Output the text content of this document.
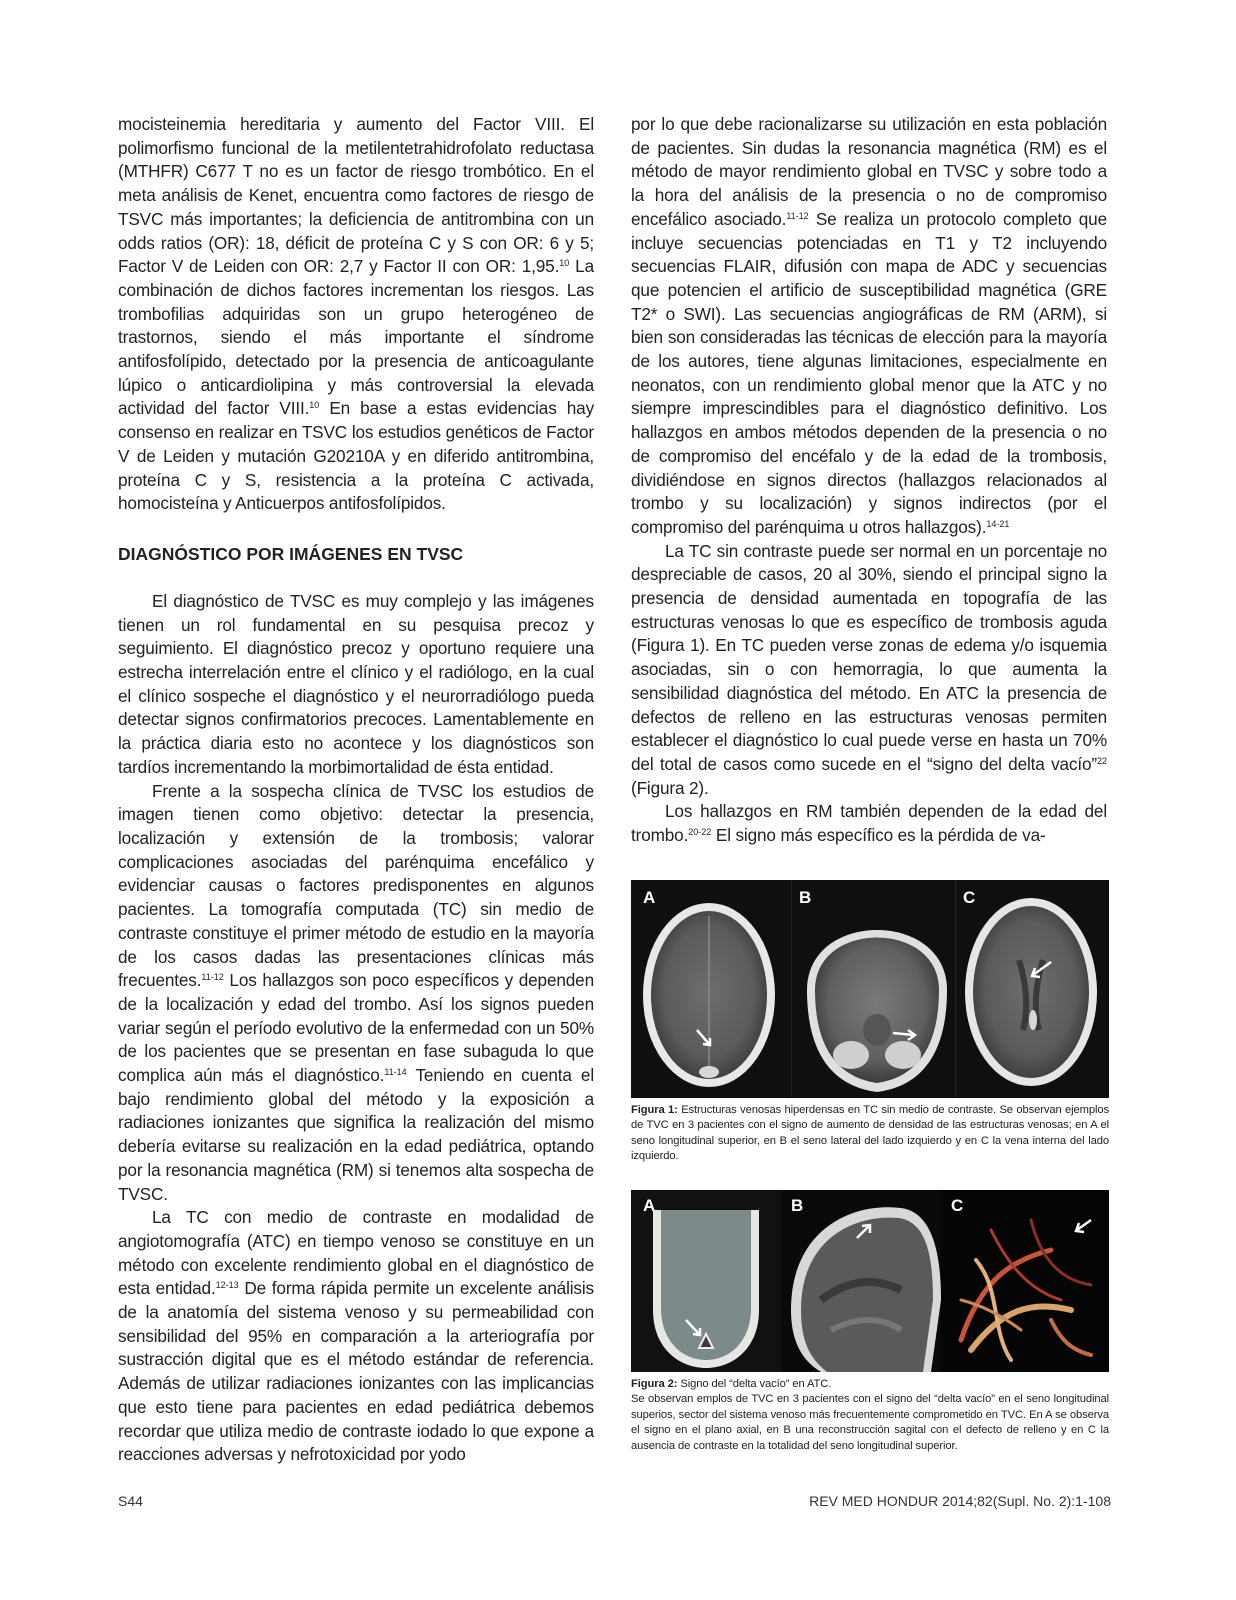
mocisteinemia hereditaria y aumento del Factor VIII. El polimorfismo funcional de la metilentetrahidrofolato reductasa (MTHFR) C677 T no es un factor de riesgo trombótico. En el meta análisis de Kenet, encuentra como factores de riesgo de TSVC más importantes; la deficiencia de antitrombina con un odds ratios (OR): 18, déficit de proteína C y S con OR: 6 y 5; Factor V de Leiden con OR: 2,7 y Factor II con OR: 1,95.10 La combinación de dichos factores incrementan los riesgos. Las trombofilias adquiridas son un grupo heterogéneo de trastornos, siendo el más importante el síndrome antifosfolípido, detectado por la presencia de anticoagulante lúpico o anticardiolipina y más controversial la elevada actividad del factor VIII.$^{10}$ En base a estas evidencias hay consenso en realizar en TSVC los estudios genéticos de Factor V de Leiden y mutación G20210A y en diferido antitrombina, proteína C y S, resistencia a la proteína C activada, homocisteína y Anticuerpos antifosfolípidos.

DIAGNÓSTICO POR IMÁGENES EN TVSC

El diagnóstico de TVSC es muy complejo y las imágenes tienen un rol fundamental en su pesquisa precoz y seguimiento. El diagnóstico precoz y oportuno requiere una estrecha interrelación entre el clínico y el radiólogo, en la cual el clínico sospeche el diagnóstico y el neurorradiólogo pueda detectar signos confirmatorios precoces. Lamentablemente en la práctica diaria esto no acontece y los diagnósticos son tardíos incrementando la morbimortalidad de ésta entidad.

Frente a la sospecha clínica de TVSC los estudios de imagen tienen como objetivo: detectar la presencia, localización y extensión de la trombosis; valorar complicaciones asociadas del parénquima encefálico y evidenciar causas o factores predisponentes en algunos pacientes. La tomografía computada (TC) sin medio de contraste constituye el primer método de estudio en la mayoría de los casos dadas las presentaciones clínicas más frecuentes.$^{11-12}$ Los hallazgos son poco específicos y dependen de la localización y edad del trombo. Así los signos pueden variar según el período evolutivo de la enfermedad con un 50% de los pacientes que se presentan en fase subaguda lo que complica aún más el diagnóstico.$^{11-14}$ Teniendo en cuenta el bajo rendimiento global del método y la exposición a radiaciones ionizantes que significa la realización del mismo debería evitarse su realización en la edad pediátrica, optando por la resonancia magnética (RM) si tenemos alta sospecha de TVSC.

La TC con medio de contraste en modalidad de angiotomografía (ATC) en tiempo venoso se constituye en un método con excelente rendimiento global en el diagnóstico de esta entidad.$^{12-13}$ De forma rápida permite un excelente análisis de la anatomía del sistema venoso y su permeabilidad con sensibilidad del 95% en comparación a la arteriografía por sustracción digital que es el método estándar de referencia. Además de utilizar radiaciones ionizantes con las implicancias que esto tiene para pacientes en edad pediátrica debemos recordar que utiliza medio de contraste iodado lo que expone a reacciones adversas y nefrotoxicidad por yodo

por lo que debe racionalizarse su utilización en esta población de pacientes. Sin dudas la resonancia magnética (RM) es el método de mayor rendimiento global en TVSC y sobre todo a la hora del análisis de la presencia o no de compromiso encefálico asociado.$^{11-12}$ Se realiza un protocolo completo que incluye secuencias potenciadas en T1 y T2 incluyendo secuencias FLAIR, difusión con mapa de ADC y secuencias que potencien el artificio de susceptibilidad magnética (GRE T2* o SWI). Las secuencias angiográficas de RM (ARM), si bien son consideradas las técnicas de elección para la mayoría de los autores, tiene algunas limitaciones, especialmente en neonatos, con un rendimiento global menor que la ATC y no siempre imprescindibles para el diagnóstico definitivo. Los hallazgos en ambos métodos dependen de la presencia o no de compromiso del encéfalo y de la edad de la trombosis, dividiéndose en signos directos (hallazgos relacionados al trombo y su localización) y signos indirectos (por el compromiso del parénquima u otros hallazgos).$^{14-21}$

La TC sin contraste puede ser normal en un porcentaje no despreciable de casos, 20 al 30%, siendo el principal signo la presencia de densidad aumentada en topografía de las estructuras venosas lo que es específico de trombosis aguda (Figura 1). En TC pueden verse zonas de edema y/o isquemia asociadas, sin o con hemorragia, lo que aumenta la sensibilidad diagnóstica del método. En ATC la presencia de defectos de relleno en las estructuras venosas permiten establecer el diagnóstico lo cual puede verse en hasta un 70% del total de casos como sucede en el “signo del delta vacío”$^{22}$ (Figura 2).

Los hallazgos en RM también dependen de la edad del trombo.$^{20-22}$ El signo más específico es la pérdida de va-

A	B	C

Figura 1: Estructuras venosas hiperdensas en TC sin medio de contraste. Se observan ejemplos de TVC en 3 pacientes con el signo de aumento de densidad de las estructuras venosas; en A el seno longitudinal superior, en B el seno lateral del lado izquierdo y en C la vena interna del lado izquierdo.

A	B	C

Figura 2: Signo del “delta vacío” en ATC.

Se observan emplos de TVC en 3 pacientes con el signo del “delta vacío” en el seno longitudinal superios, sector del sistema venoso más frecuentemente comprometido en TVC. En A se observa el signo en el plano axial, en B una reconstrucción sagital con el defecto de relleno y en C la ausencia de contraste en la totalidad del seno longitudinal superior.

S44	REV MED HONDUR 2014;82(Supl. No. 2):1-108
